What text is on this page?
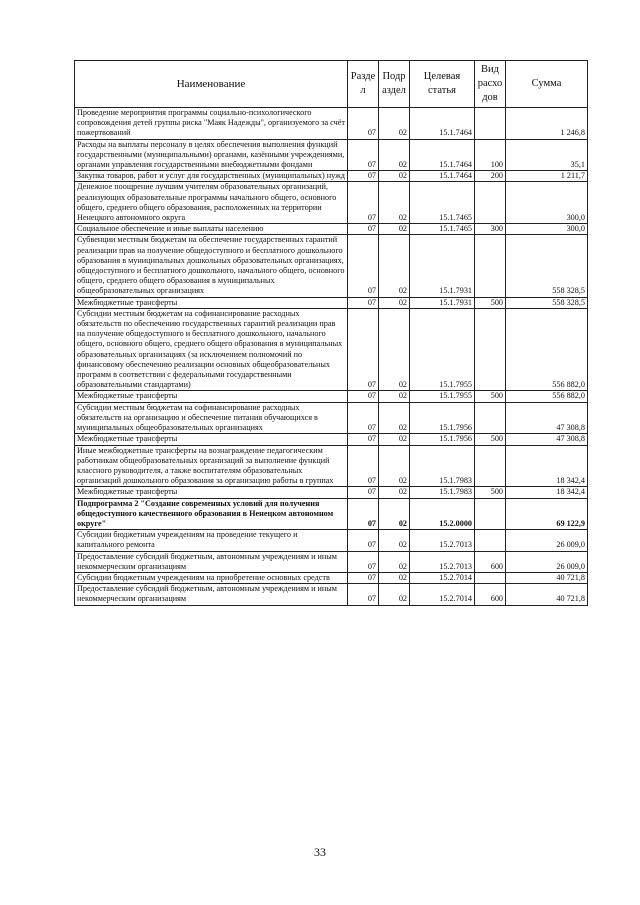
Наименование	Разде л	Подр аздел	Целевая статья	Вид расхо дов	Сумма
Проведение мероприятия программы социально-психологического сопровождения детей группы риска "Маяк Надежды", организуемого за счёт пожертвований	07	02	15.1.7464		1 246,8
Расходы на выплаты персоналу в целях обеспечения выполнения функций государственными (муниципальными) органами, казёнными учреждениями, органами управления государственными внебюджетными фондами	07	02	15.1.7464	100	35,1
Закупка товаров, работ и услуг для государственных (муниципальных) нужд	07	02	15.1.7464	200	1 211,7
Денежное поощрение лучшим учителям образовательных организаций, реализующих образовательные программы начального общего, основного общего, среднего общего образования, расположенных на территории Ненецкого автономного округа	07	02	15.1.7465		300,0
Социальное обеспечение и иные выплаты населению	07	02	15.1.7465	300	300,0
Субвенции местным бюджетам на обеспечение государственных гарантий реализации прав на получение общедоступного и бесплатного дошкольного образования в муниципальных дошкольных образовательных организациях, общедоступного и бесплатного дошкольного, начального общего, основного общего, среднего общего образования в муниципальных общеобразовательных организациях	07	02	15.1.7931		558 328,5
Межбюджетные трансферты	07	02	15.1.7931	500	558 328,5
Субсидии местным бюджетам на софинансирование расходных обязательств по обеспечению государственных гарантий реализации прав на получение общедоступного и бесплатного дошкольного, начального общего, основного общего, среднего общего образования в муниципальных образовательных организациях (за исключением полномочий по финансовому обеспечению реализации основных общеобразовательных программ в соответствии с федеральными государственными образовательными стандартами)	07	02	15.1.7955		556 882,0
Межбюджетные трансферты	07	02	15.1.7955	500	556 882,0
Субсидии местным бюджетам на софинансирование расходных обязательств на организацию и обеспечение питания обучающихся в муниципальных общеобразовательных организациях	07	02	15.1.7956		47 308,8
Межбюджетные трансферты	07	02	15.1.7956	500	47 308,8
Иные межбюджетные трансферты на вознаграждение педагогическим работникам общеобразовательных организаций за выполнение функций классного руководителя, а также воспитателям образовательных организаций дошкольного образования за организацию работы в группах	07	02	15.1.7983		18 342,4
Межбюджетные трансферты	07	02	15.1.7983	500	18 342,4
Подпрограмма 2 "Создание современных условий для получения общедоступного качественного образования в Ненецком автономном округе"	07	02	15.2.0000		69 122,9
Субсидии бюджетным учреждениям на проведение текущего и капитального ремонта	07	02	15.2.7013		26 009,0
Предоставление субсидий бюджетным, автономным учреждениям и иным некоммерческим организациям	07	02	15.2.7013	600	26 009,0
Субсидии бюджетным учреждениям на приобретение основных средств	07	02	15.2.7014		40 721,8
Предоставление субсидий бюджетным, автономным учреждениям и иным некоммерческим организациям	07	02	15.2.7014	600	40 721,8
33
